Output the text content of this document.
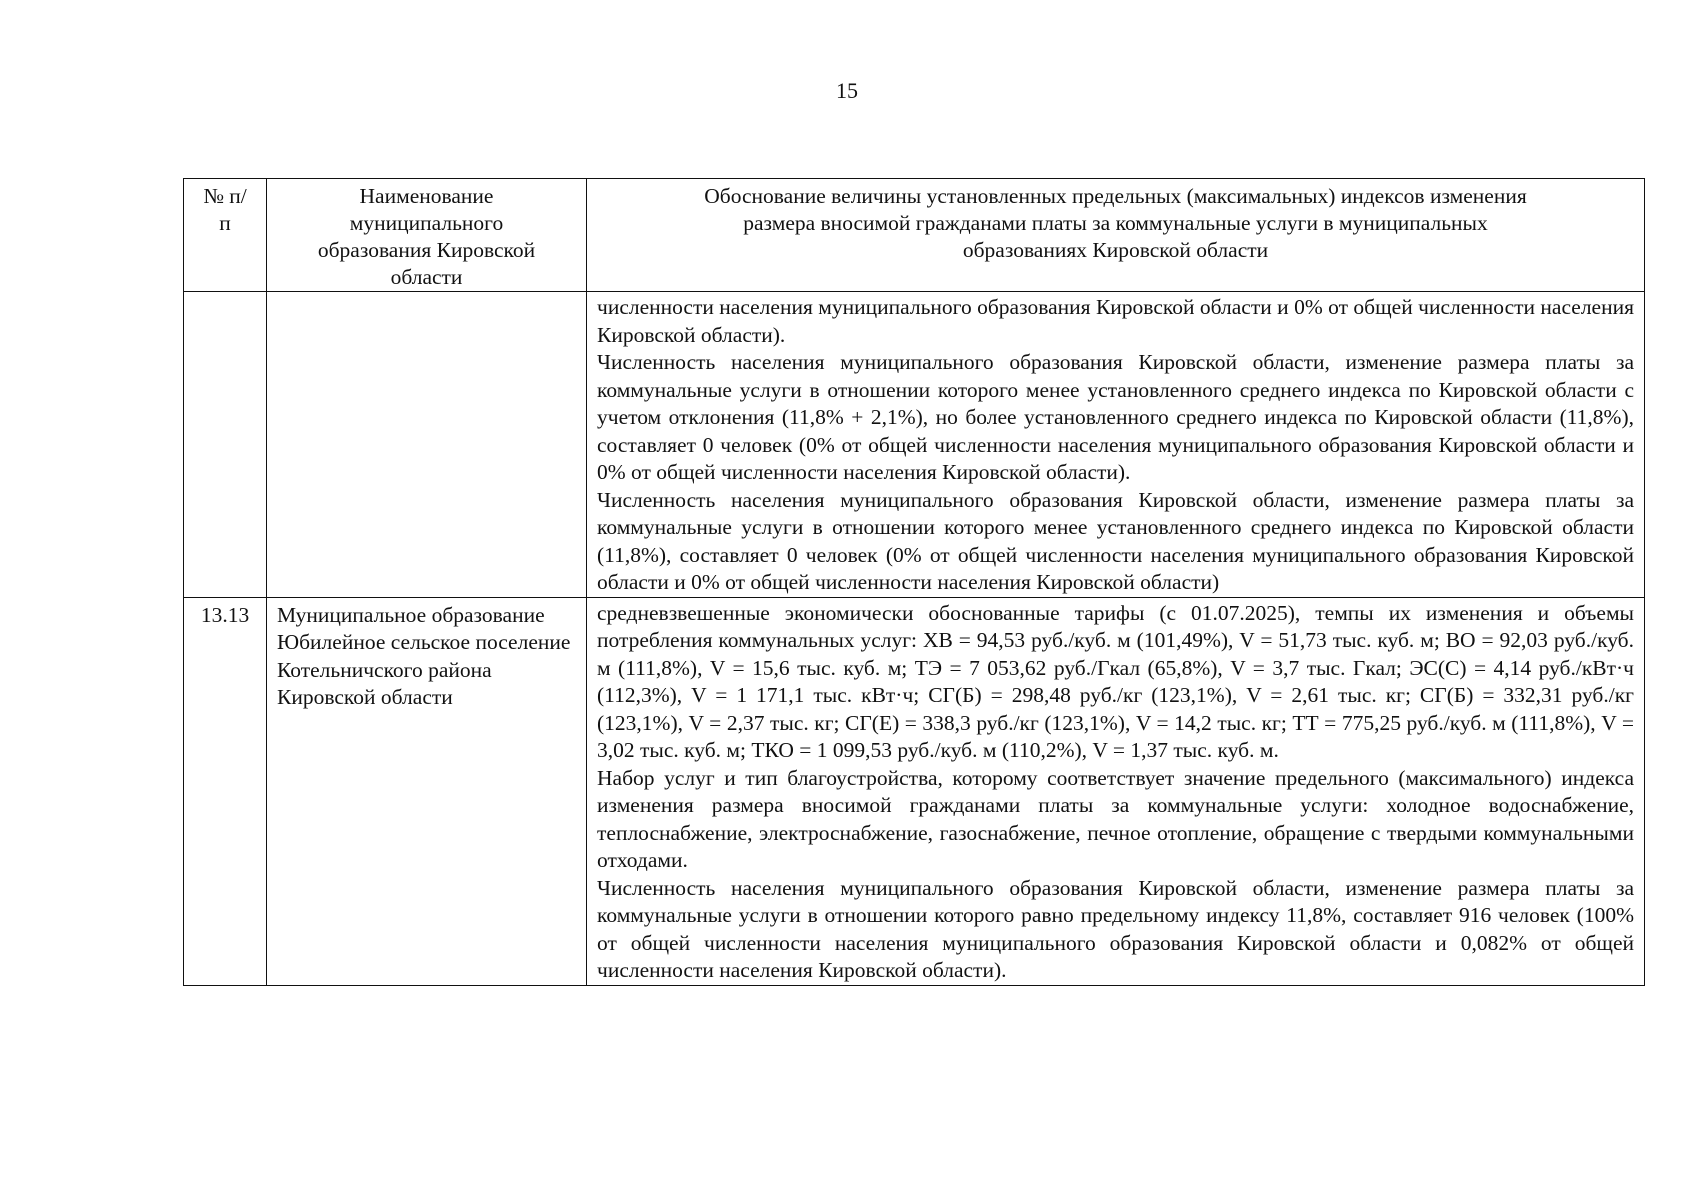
15
№ п/п	Наименование муниципального образования Кировской области	Обоснование величины установленных предельных (максимальных) индексов изменения размера вносимой гражданами платы за коммунальные услуги в муниципальных образованиях Кировской области

		численности населения муниципального образования Кировской области и 0% от общей численности населения Кировской области).

Численность населения муниципального образования Кировской области, изменение размера платы за коммунальные услуги в отношении которого менее установленного среднего индекса по Кировской области с учетом отклонения (11,8% + 2,1%), но более установленного среднего индекса по Кировской области (11,8%), составляет 0 человек (0% от общей численности населения муниципального образования Кировской области и 0% от общей численности населения Кировской области).

Численность населения муниципального образования Кировской области, изменение размера платы за коммунальные услуги в отношении которого менее установленного среднего индекса по Кировской области (11,8%), составляет 0 человек (0% от общей численности населения муниципального образования Кировской области и 0% от общей численности населения Кировской области)

13.13	Муниципальное образование Юбилейное сельское поселение Котельничского района Кировской области	средневзвешенные экономически обоснованные тарифы (с 01.07.2025), темпы их изменения и объемы потребления коммунальных услуг: ХВ = 94,53 руб./куб. м (101,49%), V = 51,73 тыс. куб. м; ВО = 92,03 руб./куб. м (111,8%), V = 15,6 тыс. куб. м; ТЭ = 7 053,62 руб./Гкал (65,8%), V = 3,7 тыс. Гкал; ЭС(С) = 4,14 руб./кВт·ч (112,3%), V = 1 171,1 тыс. кВт·ч; СГ(Б) = 298,48 руб./кг (123,1%), V = 2,61 тыс. кг; СГ(Б) = 332,31 руб./кг (123,1%), V = 2,37 тыс. кг; СГ(Е) = 338,3 руб./кг (123,1%), V = 14,2 тыс. кг; ТТ = 775,25 руб./куб. м (111,8%), V = 3,02 тыс. куб. м; ТКО = 1 099,53 руб./куб. м (110,2%), V = 1,37 тыс. куб. м.

Набор услуг и тип благоустройства, которому соответствует значение предельного (максимального) индекса изменения размера вносимой гражданами платы за коммунальные услуги: холодное водоснабжение, теплоснабжение, электроснабжение, газоснабжение, печное отопление, обращение с твердыми коммунальными отходами.

Численность населения муниципального образования Кировской области, изменение размера платы за коммунальные услуги в отношении которого равно предельному индексу 11,8%, составляет 916 человек (100% от общей численности населения муниципального образования Кировской области и 0,082% от общей численности населения Кировской области).
